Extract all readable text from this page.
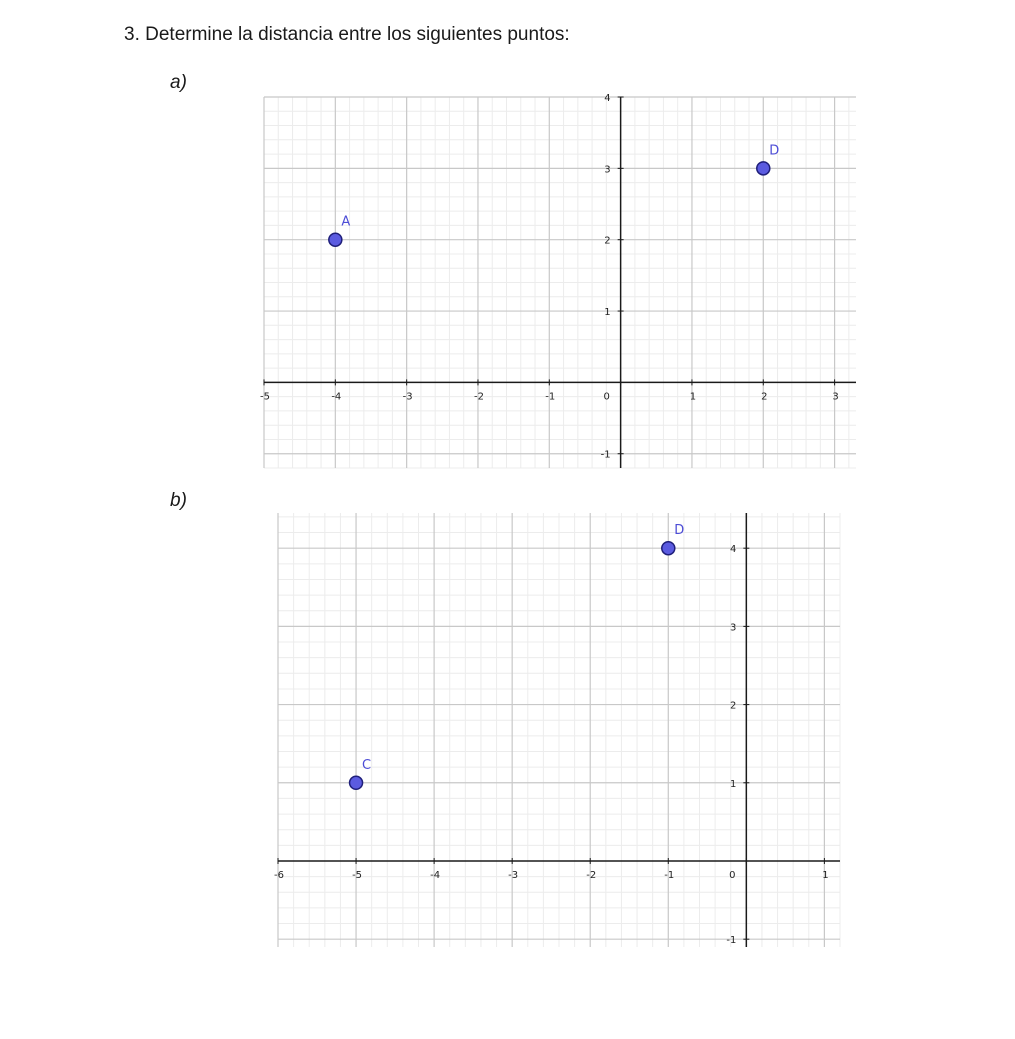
3. Determine la distancia entre los siguientes puntos:
a)
b)
-5	-4	-3	-2	-1	0	1	2	3
-1
1
2
3
4
A
D
-6	-5	-4	-3	-2	-1	0	1
-1
1
2
3
4
D
C
